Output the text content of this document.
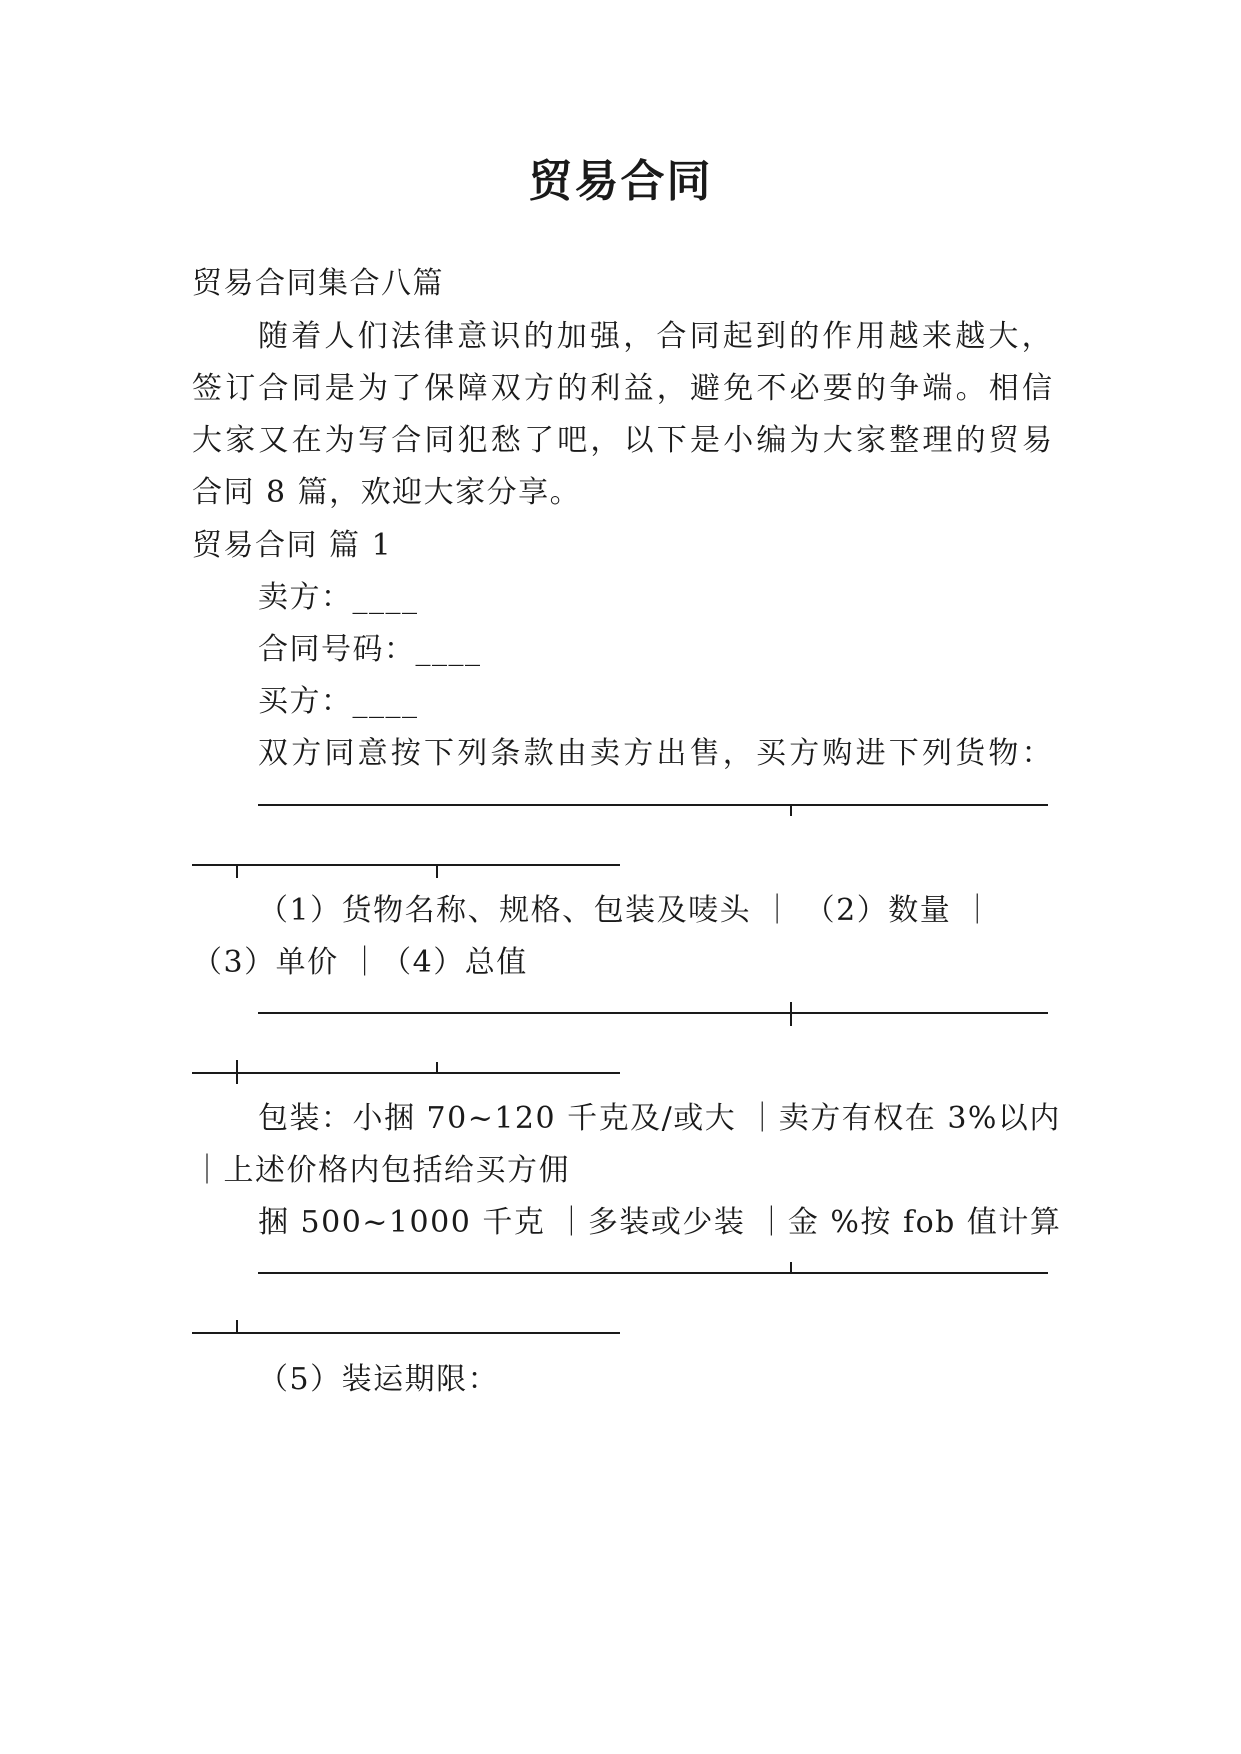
贸易合同
贸易合同集合八篇
随着人们法律意识的加强，合同起到的作用越来越大，
签订合同是为了保障双方的利益，避免不必要的争端。相信
大家又在为写合同犯愁了吧，以下是小编为大家整理的贸易
合同 8 篇，欢迎大家分享。
贸易合同 篇 1
卖方：____
合同号码：____
买方：____
双方同意按下列条款由卖方出售，买方购进下列货物：
（1）货物名称、规格、包装及唛头 ｜ （2）数量 ｜
（3）单价 ｜（4）总值
包装：小捆 70~120 千克及/或大 ｜卖方有权在 3%以内
｜上述价格内包括给买方佣
捆 500~1000 千克 ｜多装或少装 ｜金 %按 fob 值计算
（5）装运期限：
